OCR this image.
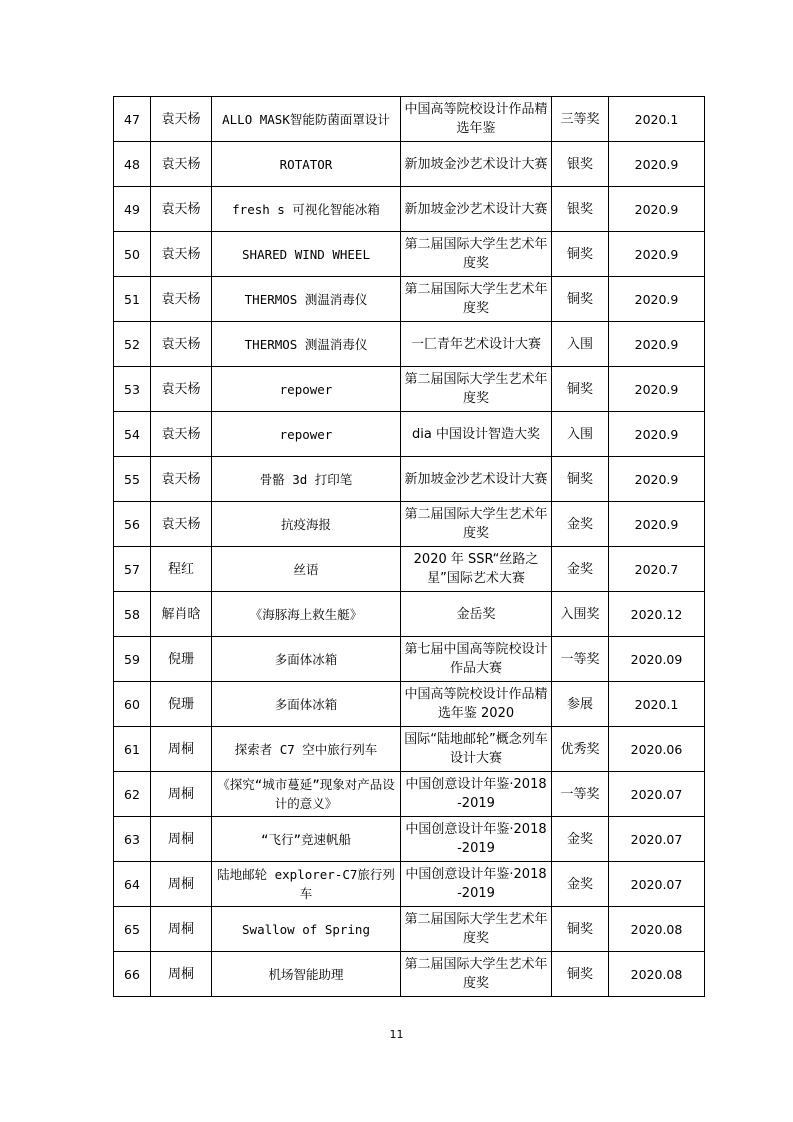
47	袁天杨	ALLO MASK智能防菌面罩设计	中国高等院校设计作品精选年鉴	三等奖	2020.1
48	袁天杨	ROTATOR	新加坡金沙艺术设计大赛	银奖	2020.9
49	袁天杨	fresh s 可视化智能冰箱	新加坡金沙艺术设计大赛	银奖	2020.9
50	袁天杨	SHARED WIND WHEEL	第二届国际大学生艺术年度奖	铜奖	2020.9
51	袁天杨	THERMOS 测温消毒仪	第二届国际大学生艺术年度奖	铜奖	2020.9
52	袁天杨	THERMOS 测温消毒仪	一匚青年艺术设计大赛	入围	2020.9
53	袁天杨	repower	第二届国际大学生艺术年度奖	铜奖	2020.9
54	袁天杨	repower	dia 中国设计智造大奖	入围	2020.9
55	袁天杨	骨骼 3d 打印笔	新加坡金沙艺术设计大赛	铜奖	2020.9
56	袁天杨	抗疫海报	第二届国际大学生艺术年度奖	金奖	2020.9
57	程红	丝语	2020 年 SSR“丝路之星”国际艺术大赛	金奖	2020.7
58	解肖晗	《海豚海上救生艇》	金岳奖	入围奖	2020.12
59	倪珊	多面体冰箱	第七届中国高等院校设计作品大赛	一等奖	2020.09
60	倪珊	多面体冰箱	中国高等院校设计作品精选年鉴 2020	参展	2020.1
61	周桐	探索者 C7 空中旅行列车	国际“陆地邮轮”概念列车设计大赛	优秀奖	2020.06
62	周桐	《探究“城市蔓延”现象对产品设计的意义》	中国创意设计年鉴·2018-2019	一等奖	2020.07
63	周桐	“飞行”竞速帆船	中国创意设计年鉴·2018-2019	金奖	2020.07
64	周桐	陆地邮轮 explorer-C7旅行列车	中国创意设计年鉴·2018-2019	金奖	2020.07
65	周桐	Swallow of Spring	第二届国际大学生艺术年度奖	铜奖	2020.08
66	周桐	机场智能助理	第二届国际大学生艺术年度奖	铜奖	2020.08
11
